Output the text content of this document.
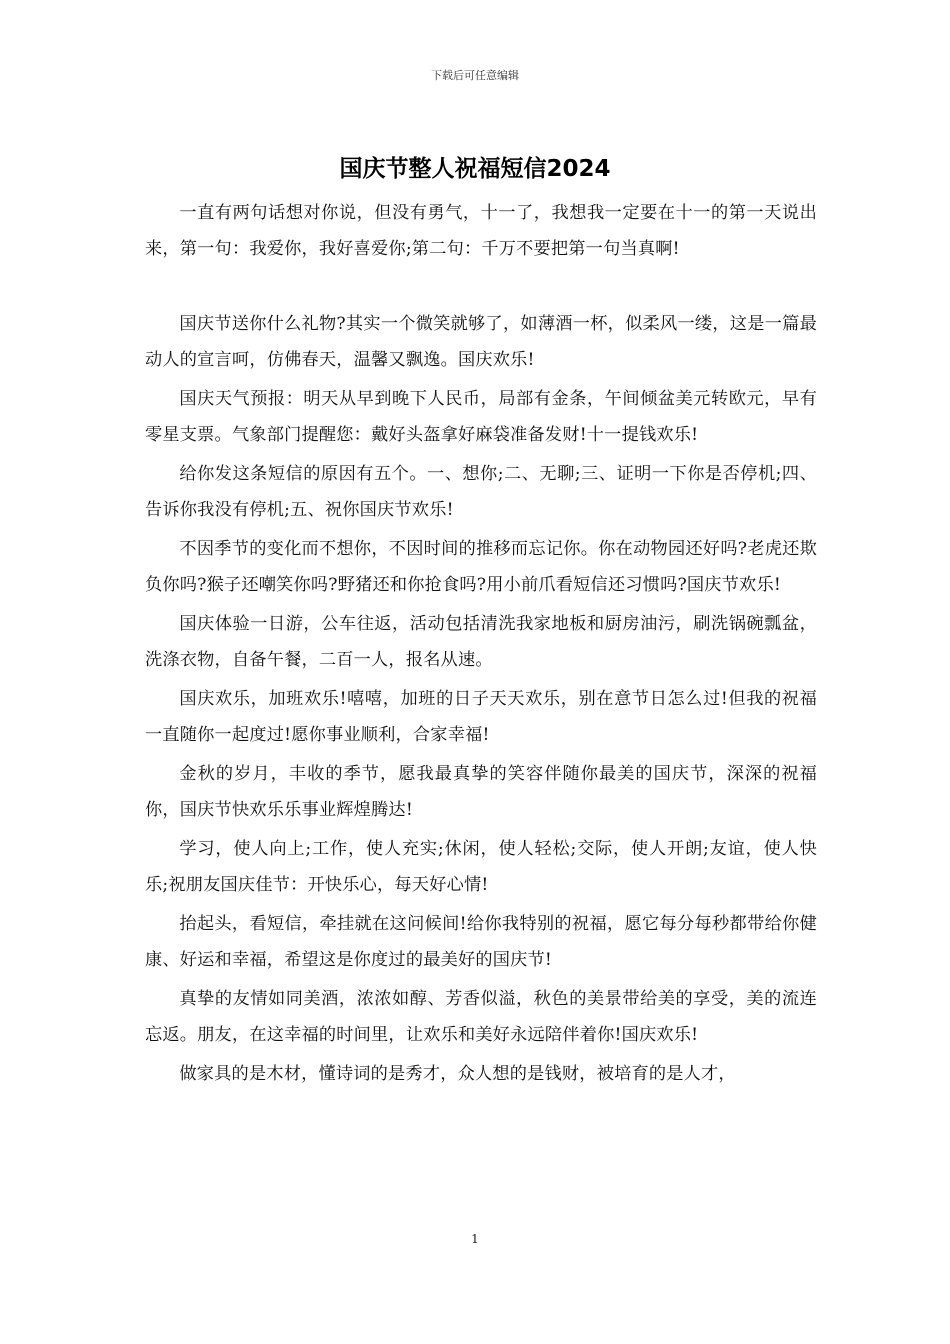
下载后可任意编辑
国庆节整人祝福短信2024

一直有两句话想对你说，但没有勇气，十一了，我想我一定要在十一的第一天说出来，第一句：我爱你，我好喜爱你;第二句：千万不要把第一句当真啊!

国庆节送你什么礼物?其实一个微笑就够了，如薄酒一杯，似柔风一缕，这是一篇最动人的宣言呵，仿佛春天，温馨又飘逸。国庆欢乐!

国庆天气预报：明天从早到晚下人民币，局部有金条，午间倾盆美元转欧元，早有零星支票。气象部门提醒您：戴好头盔拿好麻袋准备发财!十一提钱欢乐!

给你发这条短信的原因有五个。一、想你;二、无聊;三、证明一下你是否停机;四、告诉你我没有停机;五、祝你国庆节欢乐!

不因季节的变化而不想你，不因时间的推移而忘记你。你在动物园还好吗?老虎还欺负你吗?猴子还嘲笑你吗?野猪还和你抢食吗?用小前爪看短信还习惯吗?国庆节欢乐!

国庆体验一日游，公车往返，活动包括清洗我家地板和厨房油污，刷洗锅碗瓢盆，洗涤衣物，自备午餐，二百一人，报名从速。

国庆欢乐，加班欢乐!嘻嘻，加班的日子天天欢乐，别在意节日怎么过!但我的祝福一直随你一起度过!愿你事业顺利，合家幸福!

金秋的岁月，丰收的季节，愿我最真挚的笑容伴随你最美的国庆节，深深的祝福你，国庆节快欢乐乐事业辉煌腾达!

学习，使人向上;工作，使人充实;休闲，使人轻松;交际，使人开朗;友谊，使人快乐;祝朋友国庆佳节：开快乐心，每天好心情!

抬起头，看短信，牵挂就在这问候间!给你我特别的祝福，愿它每分每秒都带给你健康、好运和幸福，希望这是你度过的最美好的国庆节!

真挚的友情如同美酒，浓浓如醇、芳香似溢，秋色的美景带给美的享受，美的流连忘返。朋友，在这幸福的时间里，让欢乐和美好永远陪伴着你!国庆欢乐!

做家具的是木材，懂诗词的是秀才，众人想的是钱财，被培育的是人才，

1
